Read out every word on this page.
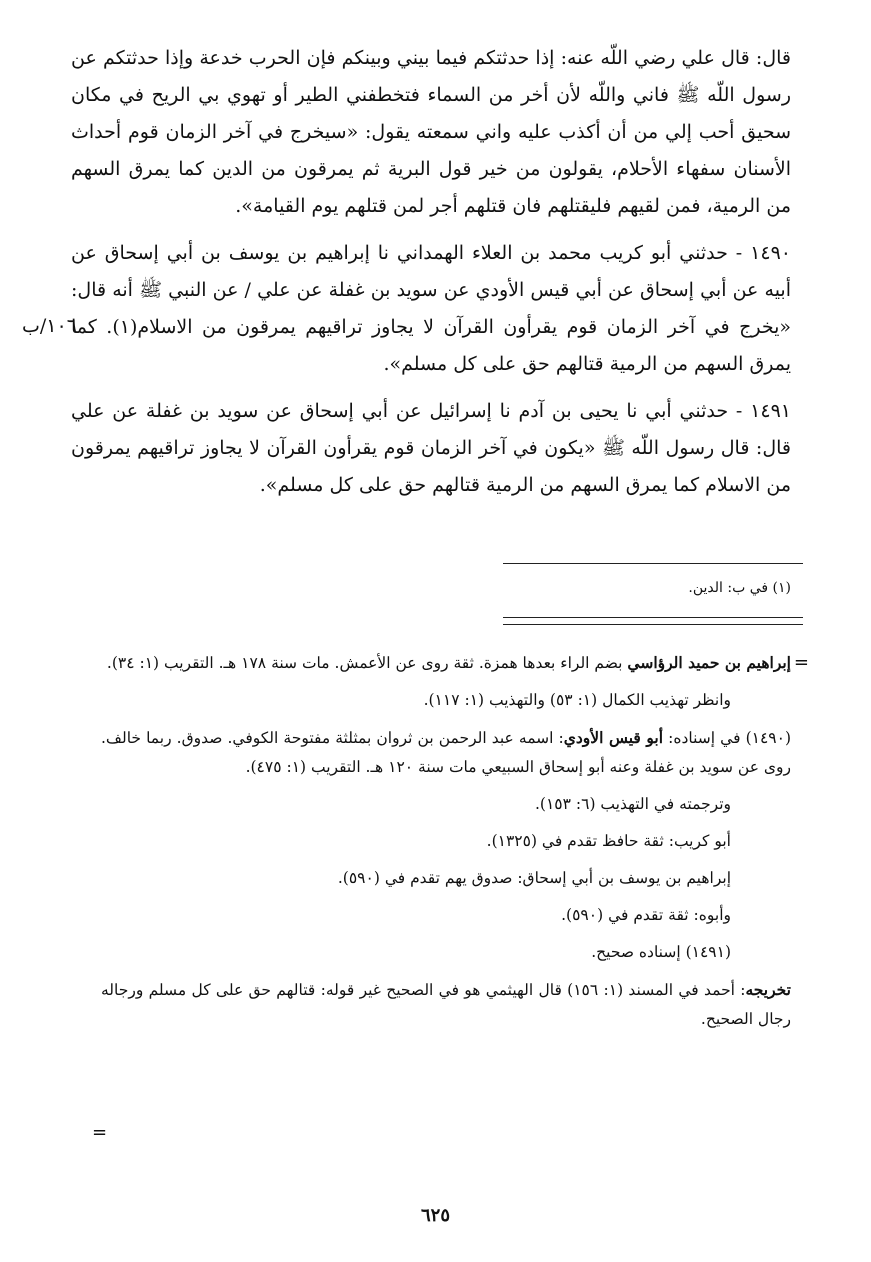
قال: قال علي رضي اللّه عنه: إذا حدثتكم فيما بيني وبينكم فإن الحرب خدعة وإذا حدثتكم عن رسول اللّه ﷺ فاني واللّه لأن أخر من السماء فتخطفني الطير أو تهوي بي الريح في مكان سحيق أحب إلي من أن أكذب عليه واني سمعته يقول: «سيخرج في آخر الزمان قوم أحداث الأسنان سفهاء الأحلام، يقولون من خير قول البرية ثم يمرقون من الدين كما يمرق السهم من الرمية، فمن لقيهم فليقتلهم فان قتلهم أجر لمن قتلهم يوم القيامة».

١٤٩٠ - حدثني أبو كريب محمد بن العلاء الهمداني نا إبراهيم بن يوسف بن أبي إسحاق عن أبيه عن أبي إسحاق عن أبي قيس الأودي عن سويد بن غفلة عن علي / عن النبي ﷺ أنه قال: «يخرج في آخر الزمان قوم يقرأون القرآن لا يجاوز تراقيهم يمرقون من الاسلام(١). كما يمرق السهم من الرمية قتالهم حق على كل مسلم».

١٤٩١ - حدثني أبي نا يحيى بن آدم نا إسرائيل عن أبي إسحاق عن سويد بن غفلة عن علي قال: قال رسول اللّه ﷺ «يكون في آخر الزمان قوم يقرأون القرآن لا يجاوز تراقيهم يمرقون من الاسلام كما يمرق السهم من الرمية قتالهم حق على كل مسلم».

١٠٦/ب
(١) في ب: الدين.
=

إبراهيم بن حميد الرؤاسي بضم الراء بعدها همزة. ثقة روى عن الأعمش. مات سنة ١٧٨ هـ. التقريب (١: ٣٤).

وانظر تهذيب الكمال (١: ٥٣) والتهذيب (١: ١١٧).

(١٤٩٠) في إسناده: أبو قيس الأودي: اسمه عبد الرحمن بن ثروان بمثلثة مفتوحة الكوفي. صدوق. ربما خالف. روى عن سويد بن غفلة وعنه أبو إسحاق السبيعي مات سنة ١٢٠ هـ. التقريب (١: ٤٧٥).

وترجمته في التهذيب (٦: ١٥٣).

أبو كريب: ثقة حافظ تقدم في (١٣٢٥).

إبراهيم بن يوسف بن أبي إسحاق: صدوق يهم تقدم في (٥٩٠).

وأبوه: ثقة تقدم في (٥٩٠).

(١٤٩١) إسناده صحيح.

تخريجه: أحمد في المسند (١: ١٥٦) قال الهيثمي هو في الصحيح غير قوله: قتالهم حق على كل مسلم ورجاله رجال الصحيح.

=
٦٢٥
